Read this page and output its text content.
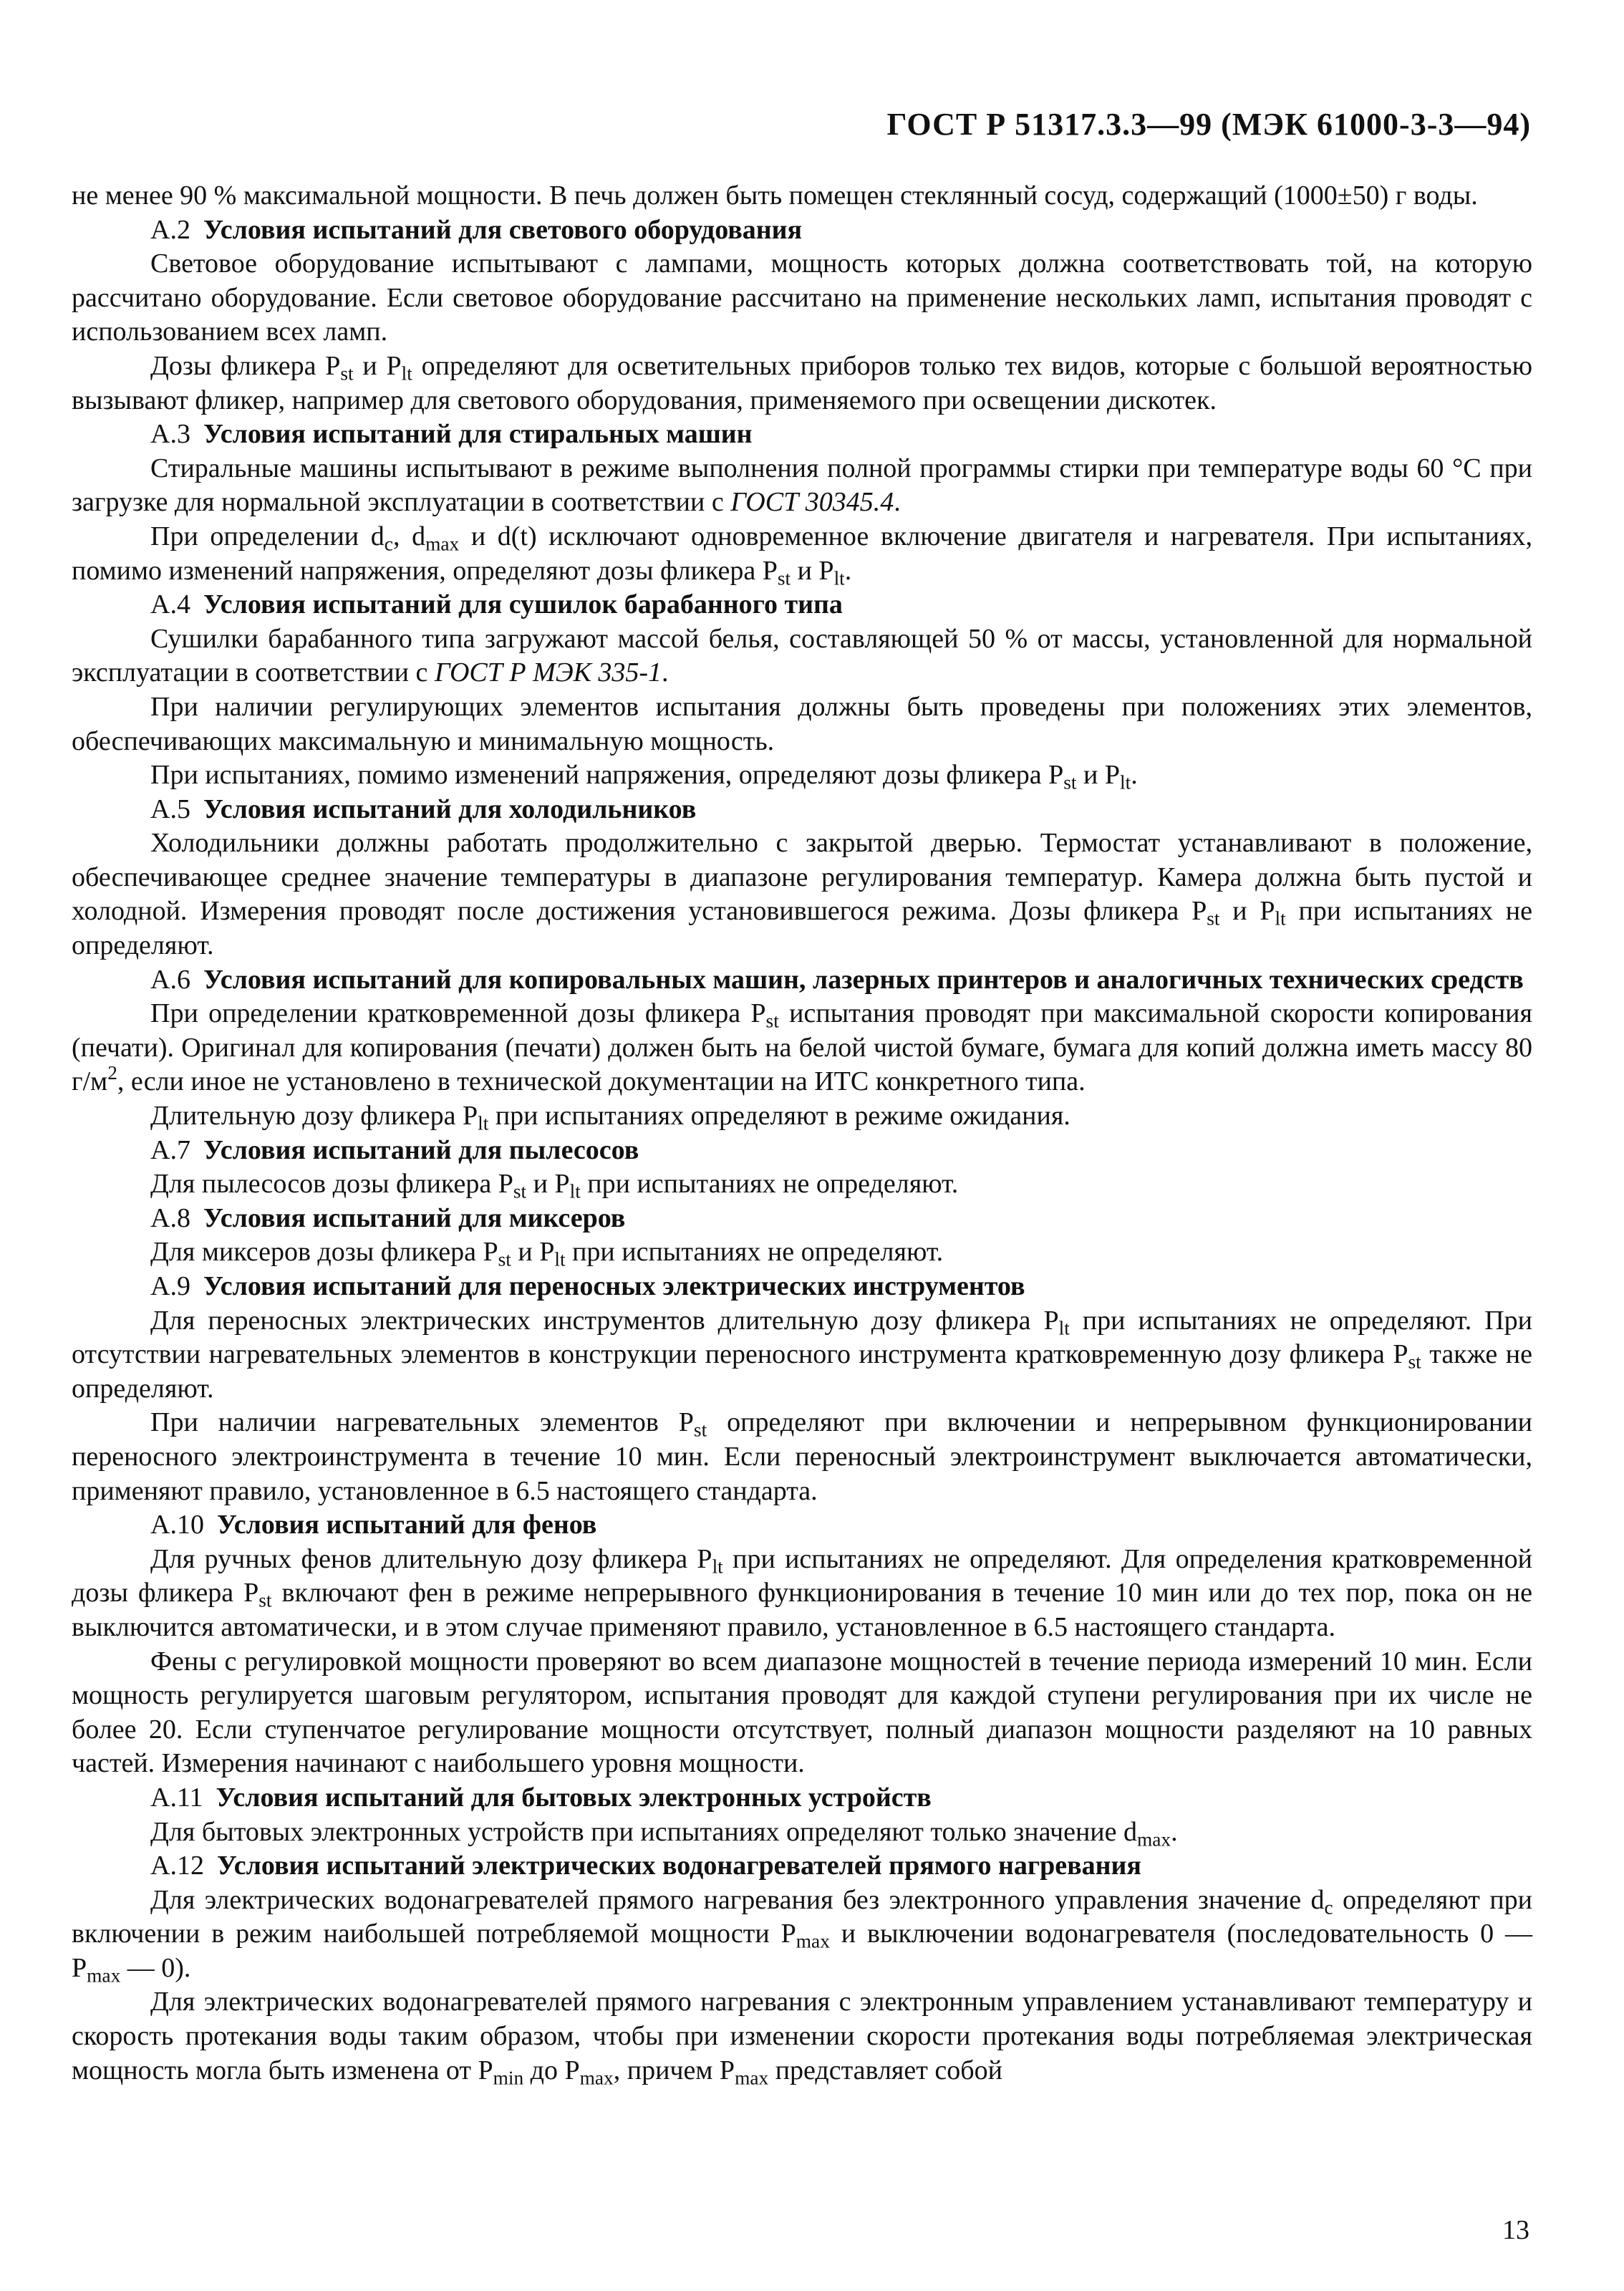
ГОСТ Р 51317.3.3—99 (МЭК 61000-3-3—94)

не менее 90 % максимальной мощности. В печь должен быть помещен стеклянный сосуд, содержащий (1000±50) г воды.

А.2 Условия испытаний для светового оборудования

Световое оборудование испытывают с лампами, мощность которых должна соответствовать той, на которую рассчитано оборудование. Если световое оборудование рассчитано на применение нескольких ламп, испытания проводят с использованием всех ламп.

Дозы фликера $P_{st}$ и $P_{lt}$ определяют для осветительных приборов только тех видов, которые с большой вероятностью вызывают фликер, например для светового оборудования, применяемого при освещении дискотек.

А.3 Условия испытаний для стиральных машин

Стиральные машины испытывают в режиме выполнения полной программы стирки при температуре воды 60 °С при загрузке для нормальной эксплуатации в соответствии с ГОСТ 30345.4.

При определении $d_c$, $d_{max}$ и d(t) исключают одновременное включение двигателя и нагревателя. При испытаниях, помимо изменений напряжения, определяют дозы фликера $P_{st}$ и $P_{lt}$.

А.4 Условия испытаний для сушилок барабанного типа

Сушилки барабанного типа загружают массой белья, составляющей 50 % от массы, установленной для нормальной эксплуатации в соответствии с ГОСТ Р МЭК 335-1.

При наличии регулирующих элементов испытания должны быть проведены при положениях этих элементов, обеспечивающих максимальную и минимальную мощность.

При испытаниях, помимо изменений напряжения, определяют дозы фликера $P_{st}$ и $P_{lt}$.

А.5 Условия испытаний для холодильников

Холодильники должны работать продолжительно с закрытой дверью. Термостат устанавливают в положение, обеспечивающее среднее значение температуры в диапазоне регулирования температур. Камера должна быть пустой и холодной. Измерения проводят после достижения установившегося режима. Дозы фликера $P_{st}$ и $P_{lt}$ при испытаниях не определяют.

А.6 Условия испытаний для копировальных машин, лазерных принтеров и аналогичных технических средств

При определении кратковременной дозы фликера $P_{st}$ испытания проводят при максимальной скорости копирования (печати). Оригинал для копирования (печати) должен быть на белой чистой бумаге, бумага для копий должна иметь массу 80 $г/м^2$, если иное не установлено в технической документации на ИТС конкретного типа.

Длительную дозу фликера $P_{lt}$ при испытаниях определяют в режиме ожидания.

А.7 Условия испытаний для пылесосов

Для пылесосов дозы фликера $P_{st}$ и $P_{lt}$ при испытаниях не определяют.

А.8 Условия испытаний для миксеров

Для миксеров дозы фликера $P_{st}$ и $P_{lt}$ при испытаниях не определяют.

А.9 Условия испытаний для переносных электрических инструментов

Для переносных электрических инструментов длительную дозу фликера $P_{lt}$ при испытаниях не определяют. При отсутствии нагревательных элементов в конструкции переносного инструмента кратковременную дозу фликера $P_{st}$ также не определяют.

При наличии нагревательных элементов $P_{st}$ определяют при включении и непрерывном функционировании переносного электроинструмента в течение 10 мин. Если переносный электроинструмент выключается автоматически, применяют правило, установленное в 6.5 настоящего стандарта.

А.10 Условия испытаний для фенов

Для ручных фенов длительную дозу фликера $P_{lt}$ при испытаниях не определяют. Для определения кратковременной дозы фликера $P_{st}$ включают фен в режиме непрерывного функционирования в течение 10 мин или до тех пор, пока он не выключится автоматически, и в этом случае применяют правило, установленное в 6.5 настоящего стандарта.

Фены с регулировкой мощности проверяют во всем диапазоне мощностей в течение периода измерений 10 мин. Если мощность регулируется шаговым регулятором, испытания проводят для каждой ступени регулирования при их числе не более 20. Если ступенчатое регулирование мощности отсутствует, полный диапазон мощности разделяют на 10 равных частей. Измерения начинают с наибольшего уровня мощности.

А.11 Условия испытаний для бытовых электронных устройств

Для бытовых электронных устройств при испытаниях определяют только значение $d_{max}$.

А.12 Условия испытаний электрических водонагревателей прямого нагревания

Для электрических водонагревателей прямого нагревания без электронного управления значение $d_c$ определяют при включении в режим наибольшей потребляемой мощности $P_{max}$ и выключении водонагревателя (последовательность 0 — $P_{max}$ — 0).

Для электрических водонагревателей прямого нагревания с электронным управлением устанавливают температуру и скорость протекания воды таким образом, чтобы при изменении скорости протекания воды потребляемая электрическая мощность могла быть изменена от $P_{min}$ до $P_{max}$, причем $P_{max}$ представляет собой

13
